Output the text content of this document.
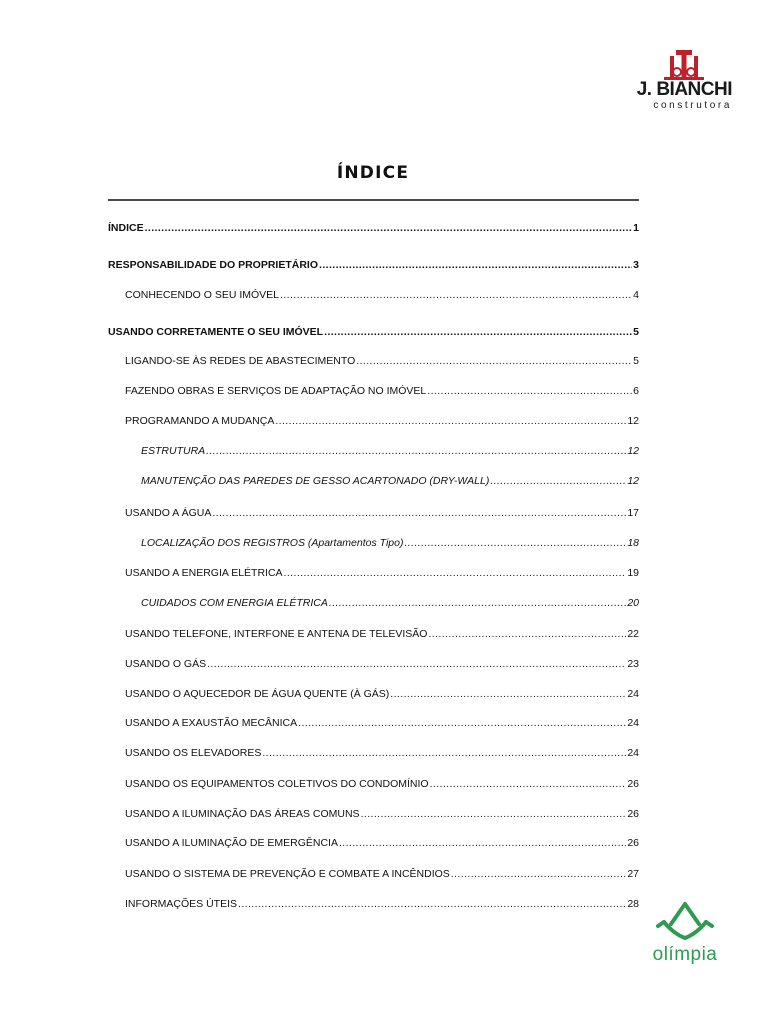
J. BIANCHI
construtora
ÍNDICE
ÍNDICE .....	1
RESPONSABILIDADE DO PROPRIETÁRIO .....	3
CONHECENDO O SEU IMÓVEL .....	4
USANDO CORRETAMENTE O SEU IMÓVEL .....	5
LIGANDO-SE ÀS REDES DE ABASTECIMENTO .....	5
FAZENDO OBRAS E SERVIÇOS DE ADAPTAÇÃO NO IMÓVEL .....	6
PROGRAMANDO A MUDANÇA .....	12
ESTRUTURA .....	12
MANUTENÇÃO DAS PAREDES DE GESSO ACARTONADO (DRY-WALL) .....	12
USANDO A ÁGUA .....	17
LOCALIZAÇÃO DOS REGISTROS (Apartamentos Tipo) .....	18
USANDO A ENERGIA ELÉTRICA .....	19
CUIDADOS COM ENERGIA ELÉTRICA .....	20
USANDO TELEFONE, INTERFONE E ANTENA DE TELEVISÃO .....	22
USANDO O GÁS .....	23
USANDO O AQUECEDOR DE ÁGUA QUENTE (À GÁS) .....	24
USANDO A EXAUSTÃO MECÂNICA .....	24
USANDO OS ELEVADORES .....	24
USANDO OS EQUIPAMENTOS COLETIVOS DO CONDOMÍNIO .....	26
USANDO A ILUMINAÇÃO DAS ÁREAS COMUNS .....	26
USANDO A ILUMINAÇÃO DE EMERGÊNCIA .....	26
USANDO O SISTEMA DE PREVENÇÃO E COMBATE A INCÊNDIOS .....	27
INFORMAÇÕES ÚTEIS .....	28
olímpia
